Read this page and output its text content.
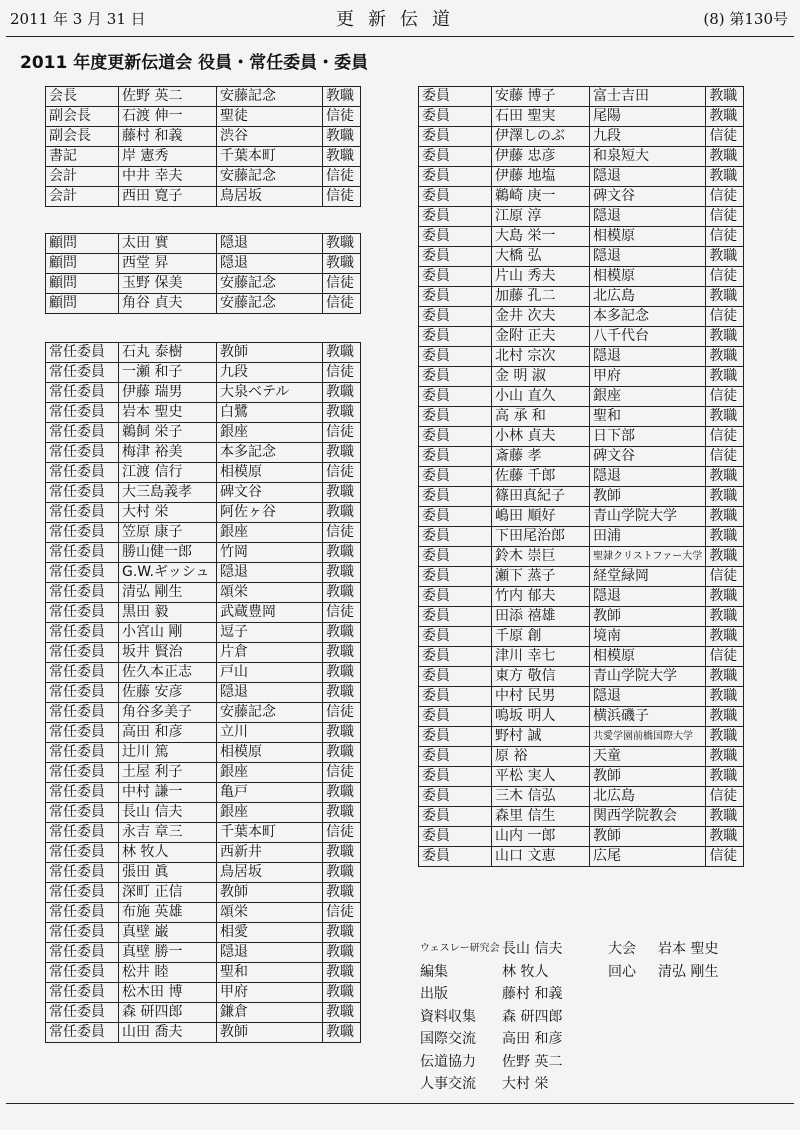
2011 年 3 月 31 日	更新伝道	(8) 第130号
2011 年度更新伝道会 役員・常任委員・委員
会長	佐野 英二	安藤記念	教職
副会長	石渡 伸一	聖徒	信徒
副会長	藤村 和義	渋谷	教職
書記	岸 憲秀	千葉本町	教職
会計	中井 幸夫	安藤記念	信徒
会計	西田 寛子	鳥居坂	信徒
顧問	太田 實	隠退	教職
顧問	西堂 昇	隠退	教職
顧問	玉野 保美	安藤記念	信徒
顧問	角谷 貞夫	安藤記念	信徒
常任委員	石丸 泰樹	教師	教職
常任委員	一瀬 和子	九段	信徒
常任委員	伊藤 瑞男	大泉ベテル	教職
常任委員	岩本 聖史	白鷺	教職
常任委員	鵜飼 栄子	銀座	信徒
常任委員	梅津 裕美	本多記念	教職
常任委員	江渡 信行	相模原	信徒
常任委員	大三島義孝	碑文谷	教職
常任委員	大村 栄	阿佐ヶ谷	教職
常任委員	笠原 康子	銀座	信徒
常任委員	勝山健一郎	竹岡	教職
常任委員	G.W.ギッシュ	隠退	教職
常任委員	清弘 剛生	頌栄	教職
常任委員	黒田 毅	武蔵豊岡	信徒
常任委員	小宮山 剛	逗子	教職
常任委員	坂井 賢治	片倉	教職
常任委員	佐久本正志	戸山	教職
常任委員	佐藤 安彦	隠退	教職
常任委員	角谷多美子	安藤記念	信徒
常任委員	高田 和彦	立川	教職
常任委員	辻川 篤	相模原	教職
常任委員	土屋 利子	銀座	信徒
常任委員	中村 謙一	亀戸	教職
常任委員	長山 信夫	銀座	教職
常任委員	永吉 章三	千葉本町	信徒
常任委員	林 牧人	西新井	教職
常任委員	張田 眞	鳥居坂	教職
常任委員	深町 正信	教師	教職
常任委員	布施 英雄	頌栄	信徒
常任委員	真壁 巌	相愛	教職
常任委員	真壁 勝一	隠退	教職
常任委員	松井 睦	聖和	教職
常任委員	松木田 博	甲府	教職
常任委員	森 研四郎	鎌倉	教職
常任委員	山田 喬夫	教師	教職
委員	安藤 博子	富士吉田	教職
委員	石田 聖実	尾陽	教職
委員	伊澤しのぶ	九段	信徒
委員	伊藤 忠彦	和泉短大	教職
委員	伊藤 地塩	隠退	教職
委員	鵜崎 庚一	碑文谷	信徒
委員	江原 淳	隠退	信徒
委員	大島 栄一	相模原	信徒
委員	大橋 弘	隠退	教職
委員	片山 秀夫	相模原	信徒
委員	加藤 孔二	北広島	教職
委員	金井 次夫	本多記念	信徒
委員	金附 正夫	八千代台	教職
委員	北村 宗次	隠退	教職
委員	金 明 淑	甲府	教職
委員	小山 直久	銀座	信徒
委員	高 承 和	聖和	教職
委員	小林 貞夫	日下部	信徒
委員	斎藤 孝	碑文谷	信徒
委員	佐藤 千郎	隠退	教職
委員	篠田真紀子	教師	教職
委員	嶋田 順好	青山学院大学	教職
委員	下田尾治郎	田浦	教職
委員	鈴木 崇巨	聖隷クリストファー大学	教職
委員	瀬下 蒸子	経堂緑岡	信徒
委員	竹内 郁夫	隠退	教職
委員	田添 禧雄	教師	教職
委員	千原 創	境南	教職
委員	津川 幸七	相模原	信徒
委員	東方 敬信	青山学院大学	教職
委員	中村 民男	隠退	教職
委員	鳴坂 明人	横浜磯子	教職
委員	野村 誠	共愛学園前橋国際大学	教職
委員	原 裕	天童	教職
委員	平松 実人	教師	教職
委員	三木 信弘	北広島	信徒
委員	森里 信生	関西学院教会	教職
委員	山内 一郎	教師	教職
委員	山口 文恵	広尾	信徒
ウェスレー研究会 長山 信夫	大会 岩本 聖史
編集	林 牧人	回心 清弘 剛生
出版	藤村 和義
資料収集 森 研四郎
国際交流 高田 和彦
伝道協力 佐野 英二
人事交流 大村 栄
